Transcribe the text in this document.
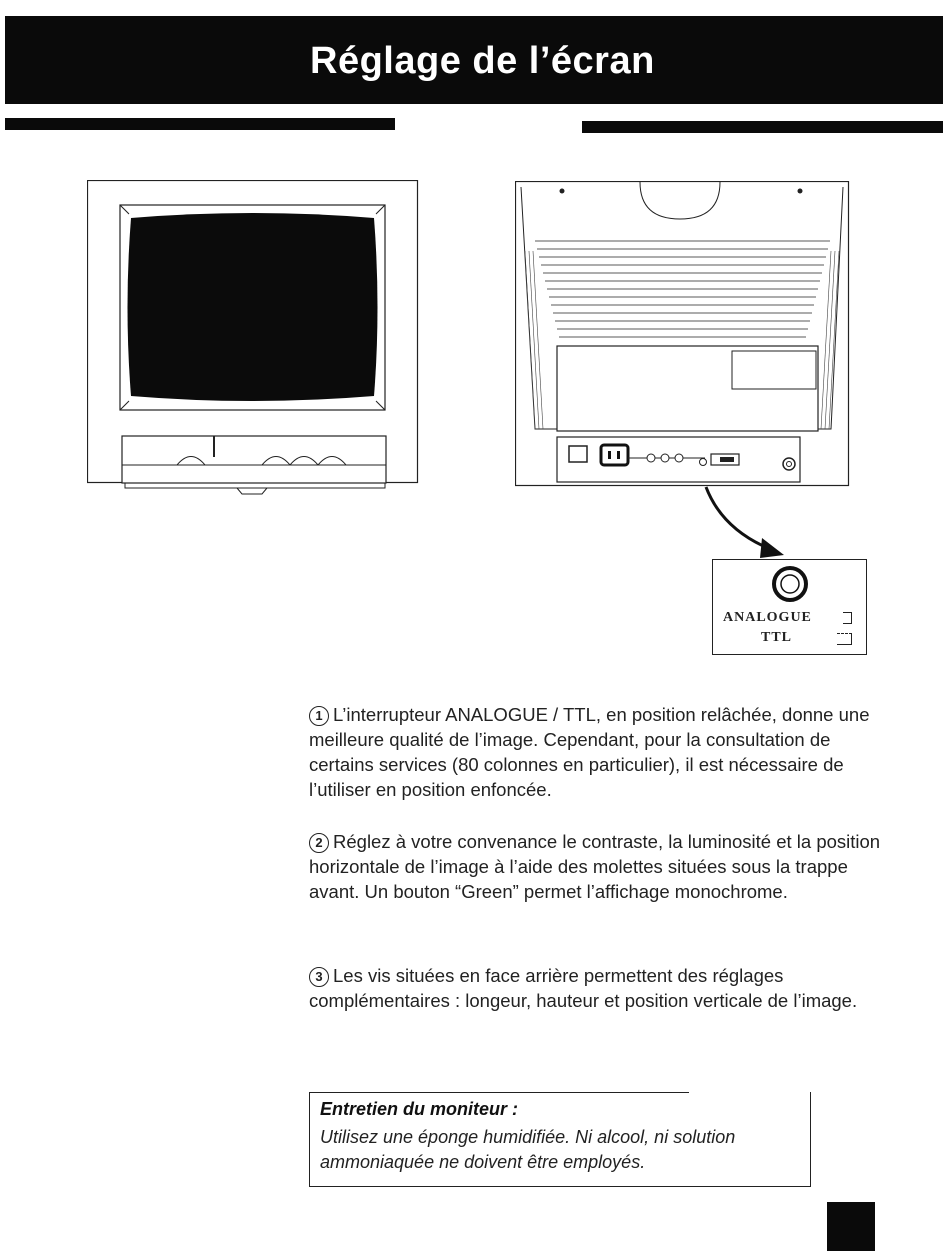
Réglage de l’écran
ANALOGUE
TTL
1 L’interrupteur ANALOGUE / TTL, en position relâchée, donne une meilleure qualité de l’image. Cependant, pour la consultation de certains services (80 colonnes en particulier), il est nécessaire de l’utiliser en position enfoncée.
2 Réglez à votre convenance le contraste, la luminosité et la position horizontale de l’image à l’aide des molettes situées sous la trappe avant. Un bouton “Green” permet l’affichage monochrome.
3 Les vis situées en face arrière permettent des réglages complémentaires : longeur, hauteur et position verticale de l’image.
Entretien du moniteur :
Utilisez une éponge humidifiée. Ni alcool, ni solution ammoniaquée ne doivent être employés.
